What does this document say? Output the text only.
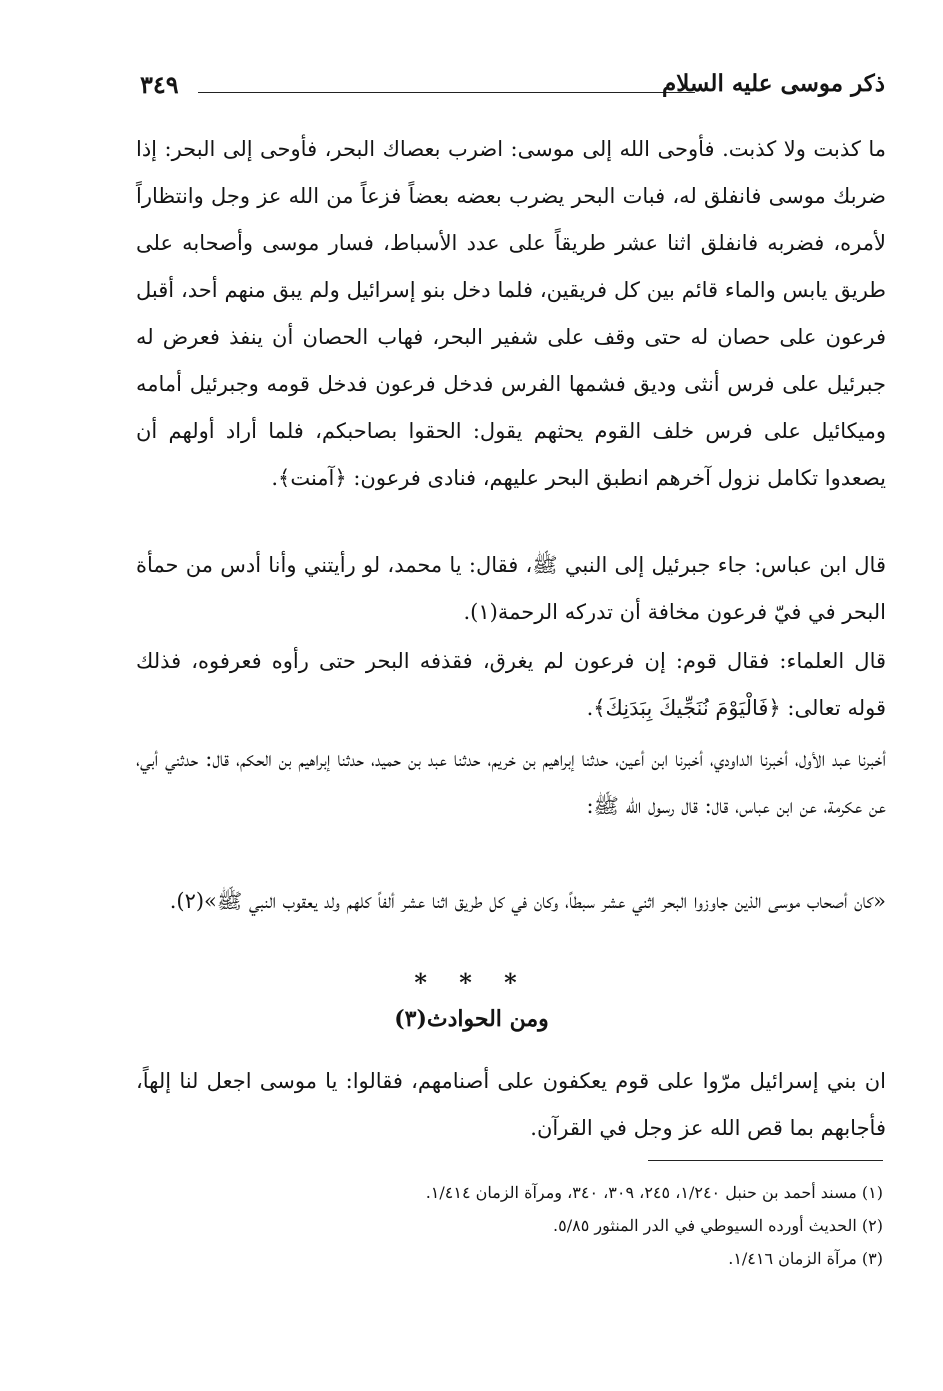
٣٤٩	ذكر موسى عليه السلام

ما كذبت ولا كذبت. فأوحى الله إلى موسى: اضرب بعصاك البحر، فأوحى إلى البحر: إذا ضربك موسى فانفلق له، فبات البحر يضرب بعضه بعضاً فزعاً من الله عز وجل وانتظاراً لأمره، فضربه فانفلق اثنا عشر طريقاً على عدد الأسباط، فسار موسى وأصحابه على طريق يابس والماء قائم بين كل فريقين، فلما دخل بنو إسرائيل ولم يبق منهم أحد، أقبل فرعون على حصان له حتى وقف على شفير البحر، فهاب الحصان أن ينفذ فعرض له جبرئيل على فرس أنثى وديق فشمها الفرس فدخل فرعون فدخل قومه وجبرئيل أمامه وميكائيل على فرس خلف القوم يحثهم يقول: الحقوا بصاحبكم، فلما أراد أولهم أن يصعدوا تكامل نزول آخرهم انطبق البحر عليهم، فنادى فرعون: ﴿آمنت﴾.

قال ابن عباس: جاء جبرئيل إلى النبي ﷺ، فقال: يا محمد، لو رأيتني وأنا أدس من حمأة البحر في فيّ فرعون مخافة أن تدركه الرحمة(١).

قال العلماء: فقال قوم: إن فرعون لم يغرق، فقذفه البحر حتى رأوه فعرفوه، فذلك قوله تعالى: ﴿فَالْيَوْمَ نُنَجِّيكَ بِبَدَنِكَ﴾.

أخبرنا عبد الأول، أخبرنا الداودي، أخبرنا ابن أعين، حدثنا إبراهيم بن خريم، حدثنا عبد بن حميد، حدثنا إبراهيم بن الحكم، قال: حدثني أبي، عن عكرمة، عن ابن عباس، قال: قال رسول الله ﷺ:

«كان أصحاب موسى الذين جاوزوا البحر اثني عشر سبطاً، وكان في كل طريق اثنا عشر ألفاً كلهم ولد يعقوب النبي ﷺ»(٢).

* * *
ومن الحوادث(٣)

ان بني إسرائيل مرّوا على قوم يعكفون على أصنامهم، فقالوا: يا موسى اجعل لنا إلهاً، فأجابهم بما قص الله عز وجل في القرآن.

(١) مسند أحمد بن حنبل ١/٢٤٠، ٢٤٥، ٣٠٩، ٣٤٠، ومرآة الزمان ١/٤١٤.
(٢) الحديث أورده السيوطي في الدر المنثور ٥/٨٥.
(٣) مرآة الزمان ١/٤١٦.
